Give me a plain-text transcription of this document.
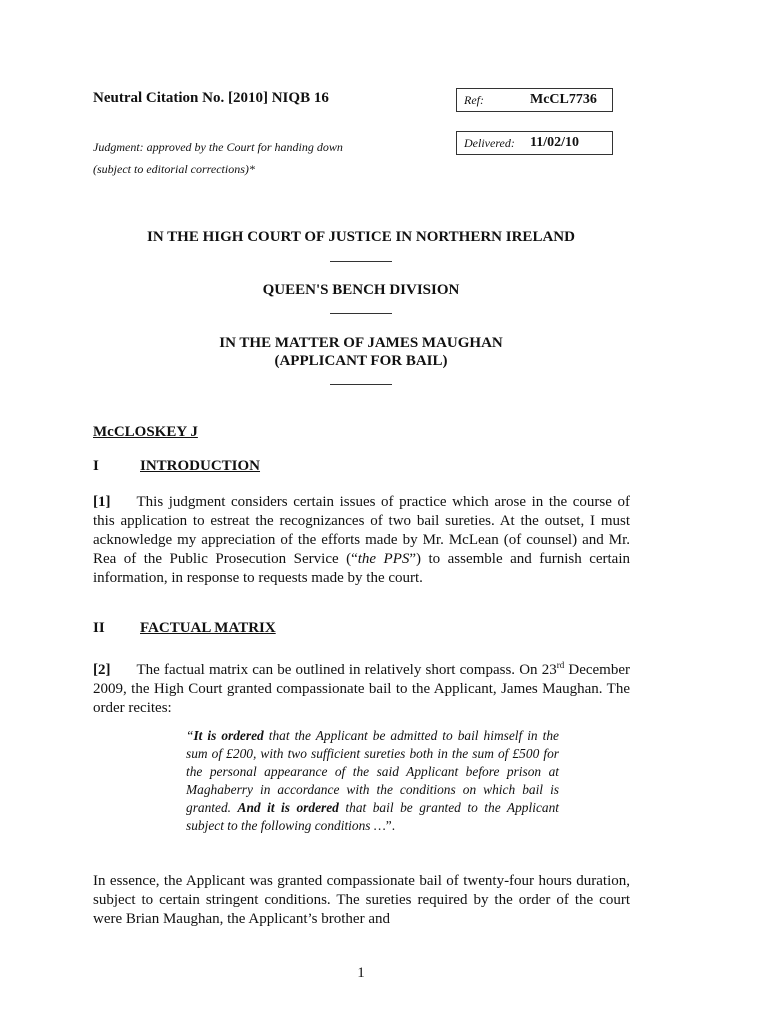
Neutral Citation No. [2010] NIQB 16	Ref:	McCL7736
Judgment: approved by the Court for handing down
(subject to editorial corrections)*
Delivered: 11/02/10
IN THE HIGH COURT OF JUSTICE IN NORTHERN IRELAND
QUEEN'S BENCH DIVISION
IN THE MATTER OF JAMES MAUGHAN
(APPLICANT FOR BAIL)
McCLOSKEY J
I	INTRODUCTION
[1] This judgment considers certain issues of practice which arose in the course of this application to estreat the recognizances of two bail sureties. At the outset, I must acknowledge my appreciation of the efforts made by Mr. McLean (of counsel) and Mr. Rea of the Public Prosecution Service (“the PPS”) to assemble and furnish certain information, in response to requests made by the court.
II FACTUAL MATRIX
[2] The factual matrix can be outlined in relatively short compass. On 23rd December 2009, the High Court granted compassionate bail to the Applicant, James Maughan. The order recites:
“It is ordered that the Applicant be admitted to bail himself in the sum of £200, with two sufficient sureties both in the sum of £500 for the personal appearance of the said Applicant before prison at Maghaberry in accordance with the conditions on which bail is granted. And it is ordered that bail be granted to the Applicant subject to the following conditions …”.
In essence, the Applicant was granted compassionate bail of twenty-four hours duration, subject to certain stringent conditions. The sureties required by the order of the court were Brian Maughan, the Applicant’s brother and
1
